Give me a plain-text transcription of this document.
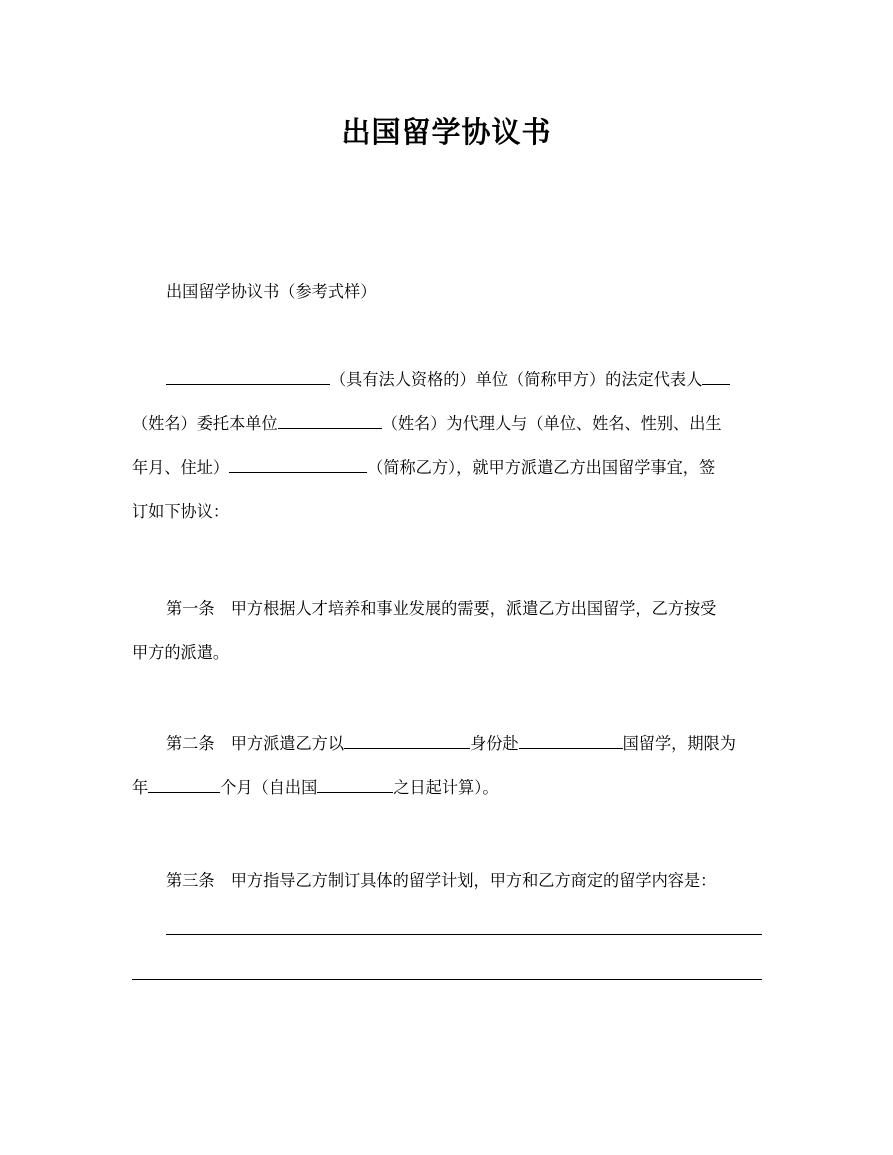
出国留学协议书
出国留学协议书（参考式样）
（具有法人资格的）单位（简称甲方）的法定代表人
（姓名）委托本单位	（姓名）为代理人与（单位、姓名、性别、出生
年月、住址）	（简称乙方），就甲方派遣乙方出国留学事宜，签
订如下协议：
第一条　甲方根据人才培养和事业发展的需要，派遣乙方出国留学，乙方按受
甲方的派遣。
第二条　甲方派遣乙方以	身份赴	国留学，期限为
年	个月（自出国	之日起计算）。
第三条　甲方指导乙方制订具体的留学计划，甲方和乙方商定的留学内容是：
